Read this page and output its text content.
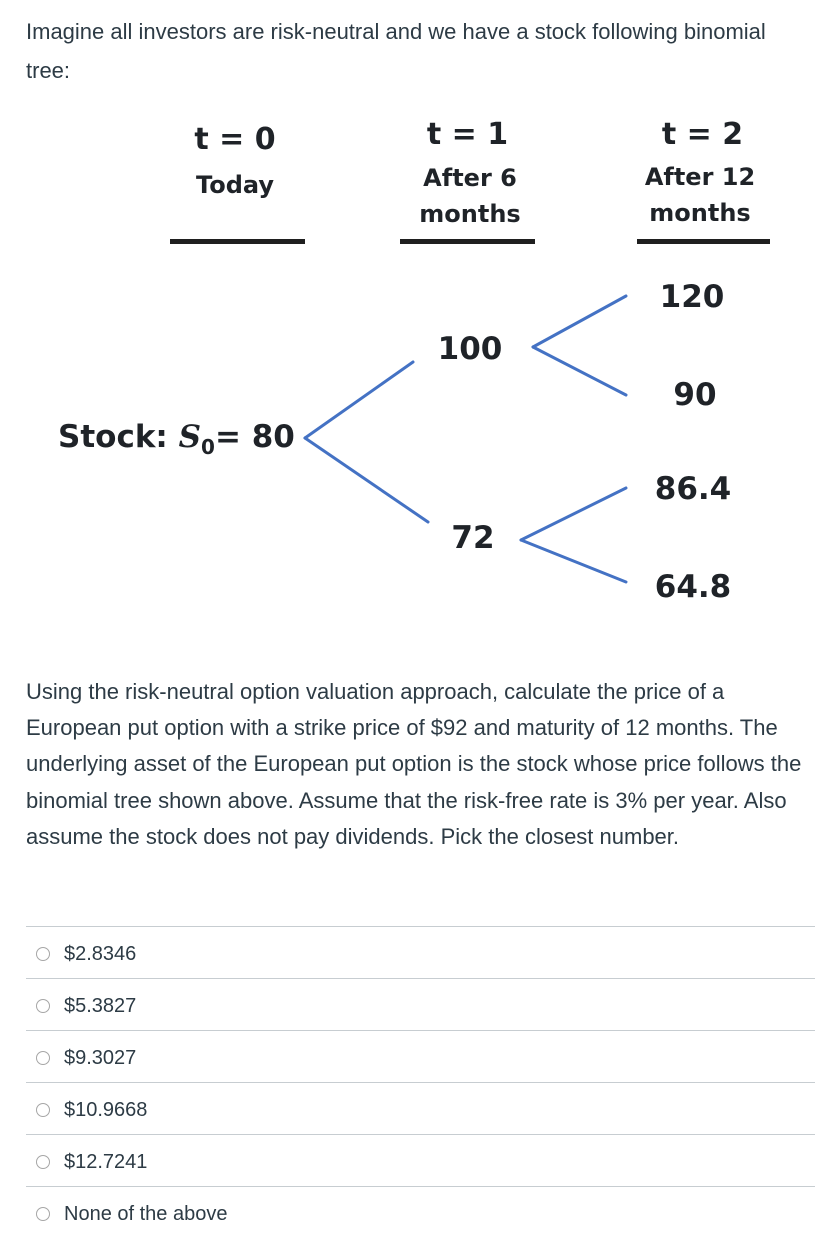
Imagine all investors are risk-neutral and we have a stock following binomial tree:
t = 0
Today
t = 1
After 6
months
t = 2
After 12
months
Stock: $S_0= 80$
100
72
120
90
86.4
64.8
Using the risk-neutral option valuation approach, calculate the price of a European put option with a strike price of $92 and maturity of 12 months. The underlying asset of the European put option is the stock whose price follows the binomial tree shown above. Assume that the risk-free rate is 3% per year. Also assume the stock does not pay dividends. Pick the closest number.
$2.8346
$5.3827
$9.3027
$10.9668
$12.7241
None of the above
